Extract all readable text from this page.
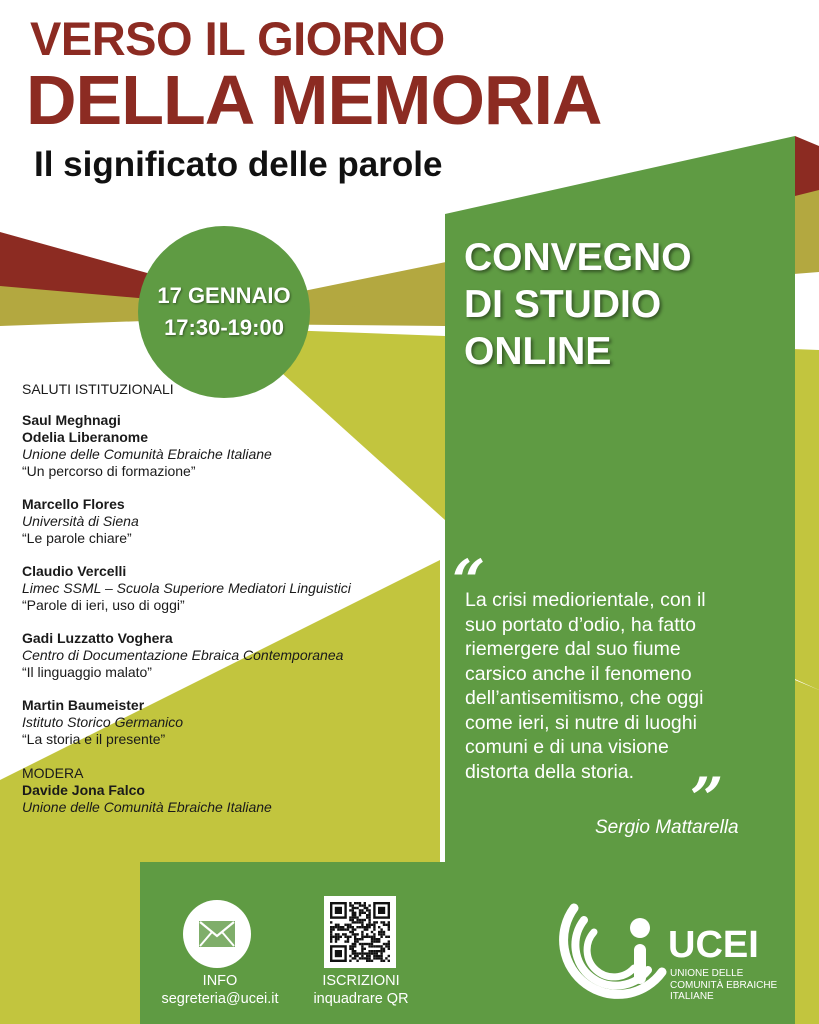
VERSO IL GIORNO
DELLA MEMORIA
Il significato delle parole
17 GENNAIO
17:30-19:00
CONVEGNO
DI STUDIO
ONLINE
SALUTI ISTITUZIONALI
Saul Meghnagi
Odelia Liberanome
Unione delle Comunità Ebraiche Italiane
“Un percorso di formazione”
Marcello Flores
Università di Siena
“Le parole chiare”
Claudio Vercelli
Limec SSML – Scuola Superiore Mediatori Linguistici
“Parole di ieri, uso di oggi”
Gadi Luzzatto Voghera
Centro di Documentazione Ebraica Contemporanea
“Il linguaggio malato”
Martin Baumeister
Istituto Storico Germanico
“La storia e il presente”
MODERA
Davide Jona Falco
Unione delle Comunità Ebraiche Italiane
“
La crisi mediorientale, con il
suo portato d’odio, ha fatto
riemergere dal suo fiume
carsico anche il fenomeno
dell’antisemitismo, che oggi
come ieri, si nutre di luoghi
comuni e di una visione
distorta della storia. ”
Sergio Mattarella
INFO
segreteria@ucei.it
ISCRIZIONI
inquadrare QR
UCEI
UNIONE DELLE
COMUNITÀ EBRAICHE
ITALIANE
